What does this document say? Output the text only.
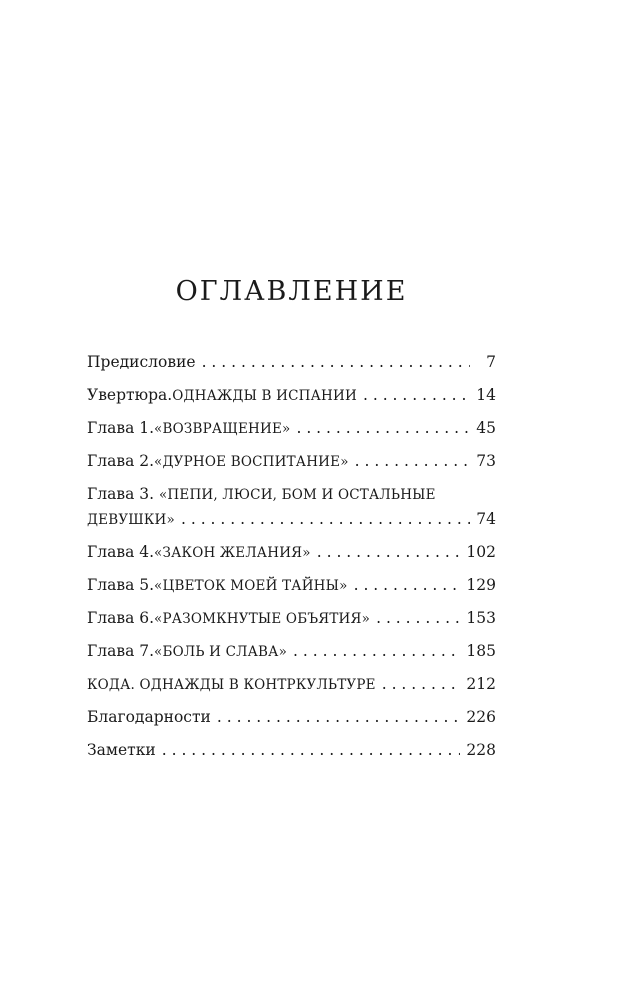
ОГЛАВЛЕНИЕ
Предисловие . . .	7
Увертюра. ОДНАЖДЫ В ИСПАНИИ . . .	14
Глава 1. «ВОЗВРАЩЕНИЕ» . . .	45
Глава 2. «ДУРНОЕ ВОСПИТАНИЕ» . . .	73
Глава 3. «ПЕПИ, ЛЮСИ, БОМ И ОСТАЛЬНЫЕ
ДЕВУШКИ» . . .	74
Глава 4. «ЗАКОН ЖЕЛАНИЯ» . . .	102
Глава 5. «ЦВЕТОК МОЕЙ ТАЙНЫ» . . .	129
Глава 6. «РАЗОМКНУТЫЕ ОБЪЯТИЯ» . . .	153
Глава 7. «БОЛЬ И СЛАВА» . . .	185
КОДА. ОДНАЖДЫ В КОНТРКУЛЬТУРЕ . . .	212
Благодарности . . .	226
Заметки . . .	228
